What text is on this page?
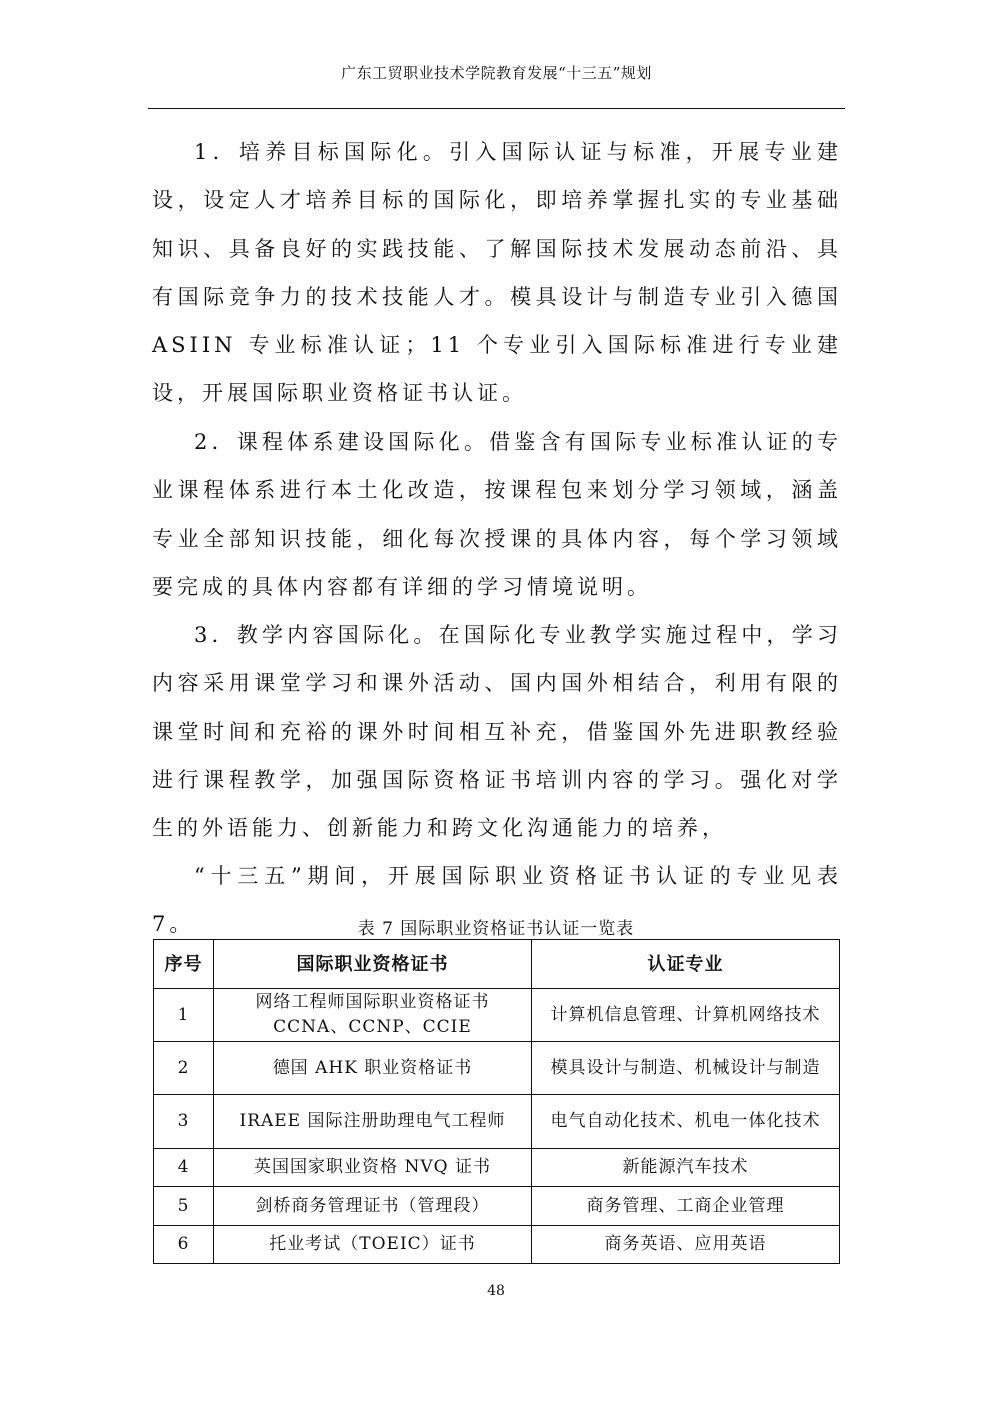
广东工贸职业技术学院教育发展“十三五”规划

1．培养目标国际化。引入国际认证与标准，开展专业建设，设定人才培养目标的国际化，即培养掌握扎实的专业基础知识、具备良好的实践技能、了解国际技术发展动态前沿、具有国际竞争力的技术技能人才。模具设计与制造专业引入德国 ASIIN 专业标准认证；11 个专业引入国际标准进行专业建设，开展国际职业资格证书认证。

2．课程体系建设国际化。借鉴含有国际专业标准认证的专业课程体系进行本土化改造，按课程包来划分学习领域，涵盖专业全部知识技能，细化每次授课的具体内容，每个学习领域要完成的具体内容都有详细的学习情境说明。

3．教学内容国际化。在国际化专业教学实施过程中，学习内容采用课堂学习和课外活动、国内国外相结合，利用有限的课堂时间和充裕的课外时间相互补充，借鉴国外先进职教经验进行课程教学，加强国际资格证书培训内容的学习。强化对学生的外语能力、创新能力和跨文化沟通能力的培养，

“十三五”期间，开展国际职业资格证书认证的专业见表 7。	表 7 国际职业资格证书认证一览表
序号	国际职业资格证书	认证专业
1	网络工程师国际职业资格证书 CCNA、CCNP、CCIE	计算机信息管理、计算机网络技术
2	德国 AHK 职业资格证书	模具设计与制造、机械设计与制造
3	IRAEE 国际注册助理电气工程师	电气自动化技术、机电一体化技术
4	英国国家职业资格 NVQ 证书	新能源汽车技术
5	剑桥商务管理证书（管理段）	商务管理、工商企业管理
6	托业考试（TOEIC）证书	商务英语、应用英语
48
